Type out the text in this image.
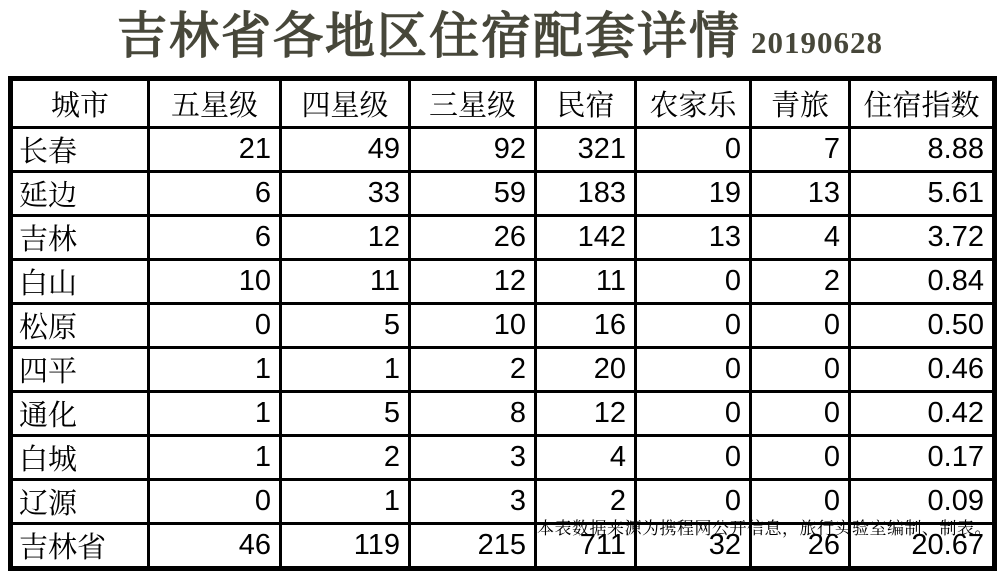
吉林省各地区住宿配套详情 20190628
城市	五星级	四星级	三星级	民宿	农家乐	青旅	住宿指数
长春	21	49	92	321	0	7	8.88
延边	6	33	59	183	19	13	5.61
吉林	6	12	26	142	13	4	3.72
白山	10	11	12	11	0	2	0.84
松原	0	5	10	16	0	0	0.50
四平	1	1	2	20	0	0	0.46
通化	1	5	8	12	0	0	0.42
白城	1	2	3	4	0	0	0.17
辽源	0	1	3	2	0	0	0.09
吉林省	46	119	215	711	32	26	20.67
本表数据来源为携程网公开信息，旅行实验室编制、制表。
